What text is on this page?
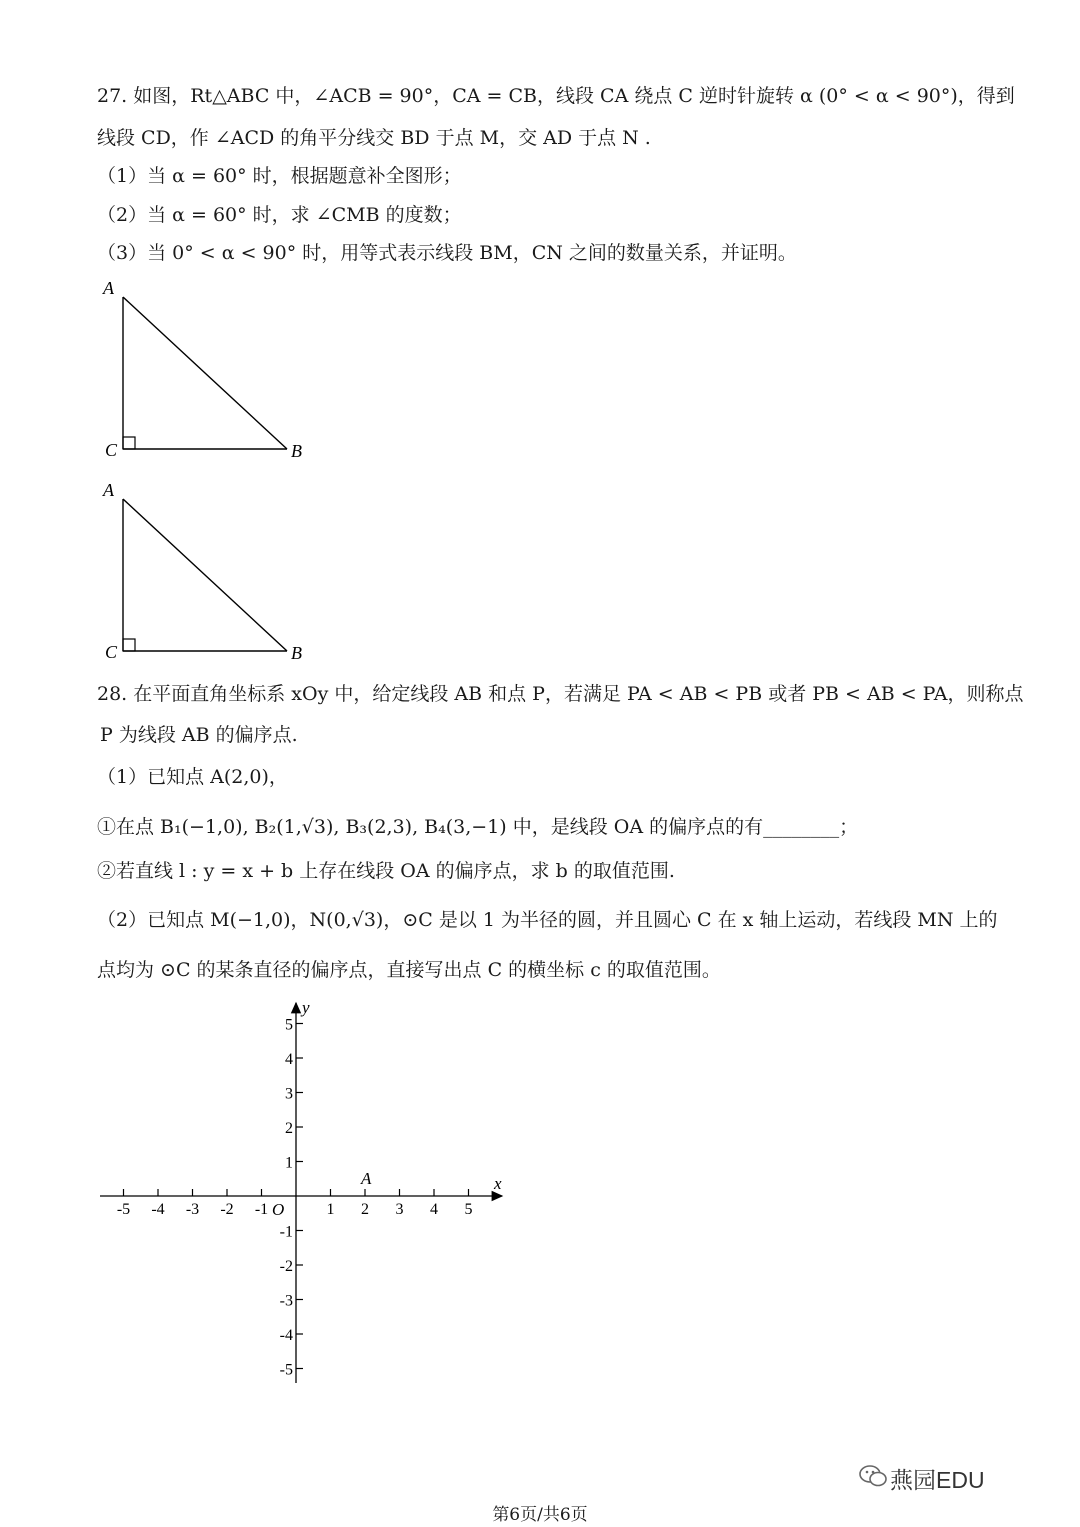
27. 如图，Rt△ABC 中，∠ACB = 90°，CA = CB，线段 CA 绕点 C 逆时针旋转 α (0° < α < 90°)，得到
线段 CD，作 ∠ACD 的角平分线交 BD 于点 M，交 AD 于点 N .
（1）当 α = 60° 时，根据题意补全图形；
（2）当 α = 60° 时，求 ∠CMB 的度数；
（3）当 0° < α < 90° 时，用等式表示线段 BM，CN 之间的数量关系，并证明。
A
C	B
A
C	B
28. 在平面直角坐标系 xOy 中，给定线段 AB 和点 P，若满足 PA < AB < PB 或者 PB < AB < PA，则称点
P 为线段 AB 的偏序点.
（1）已知点 A(2,0)，
①在点 B₁(−1,0), B₂(1,√3), B₃(2,3), B₄(3,−1) 中，是线段 OA 的偏序点的有________；
②若直线 l : y = x + b 上存在线段 OA 的偏序点，求 b 的取值范围.
（2）已知点 M(−1,0)，N(0,√3)，⊙C 是以 1 为半径的圆，并且圆心 C 在 x 轴上运动，若线段 MN 上的
点均为 ⊙C 的某条直径的偏序点，直接写出点 C 的横坐标 c 的取值范围。
x
y
O
A
-5 -4 -3 -2 -1	1 2 3 4 5
5
4
3
2
1
-1
-2
-3
-4
-5
第6页/共6页
燕园EDU
